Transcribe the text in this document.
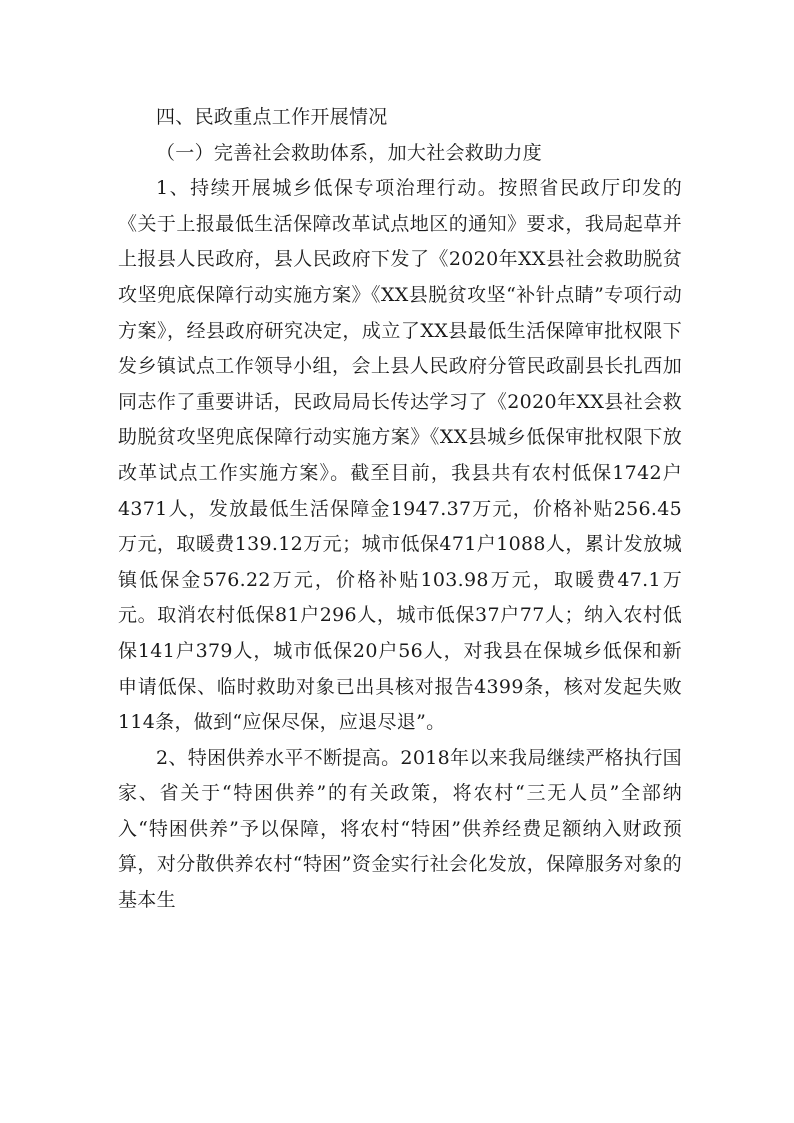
四、民政重点工作开展情况

（一）完善社会救助体系，加大社会救助力度

1、持续开展城乡低保专项治理行动。按照省民政厅印发的《关于上报最低生活保障改革试点地区的通知》要求，我局起草并上报县人民政府，县人民政府下发了《2020年XX县社会救助脱贫攻坚兜底保障行动实施方案》《XX县脱贫攻坚“补针点睛”专项行动方案》，经县政府研究决定，成立了XX县最低生活保障审批权限下发乡镇试点工作领导小组，会上县人民政府分管民政副县长扎西加同志作了重要讲话，民政局局长传达学习了《2020年XX县社会救助脱贫攻坚兜底保障行动实施方案》《XX县城乡低保审批权限下放改革试点工作实施方案》。截至目前，我县共有农村低保1742户4371人，发放最低生活保障金1947.37万元，价格补贴256.45万元，取暖费139.12万元；城市低保471户1088人，累计发放城镇低保金576.22万元，价格补贴103.98万元，取暖费47.1万元。取消农村低保81户296人，城市低保37户77人；纳入农村低保141户379人，城市低保20户56人，对我县在保城乡低保和新申请低保、临时救助对象已出具核对报告4399条，核对发起失败114条，做到“应保尽保，应退尽退”。

2、特困供养水平不断提高。2018年以来我局继续严格执行国家、省关于“特困供养”的有关政策，将农村“三无人员”全部纳入“特困供养”予以保障，将农村“特困”供养经费足额纳入财政预算，对分散供养农村“特困”资金实行社会化发放，保障服务对象的基本生
